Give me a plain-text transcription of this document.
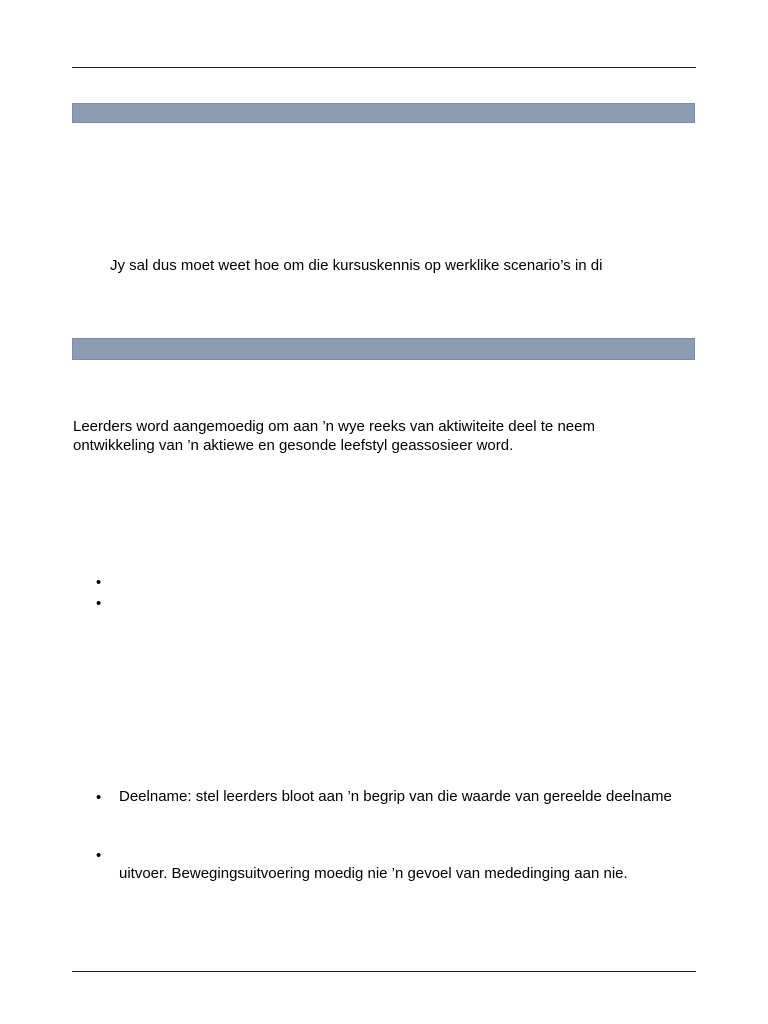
Jy sal dus moet weet hoe om die kursuskennis op werklike scenario’s in di
Leerders word aangemoedig om aan ’n wye reeks van aktiwiteite deel te neem
ontwikkeling van ’n aktiewe en gesonde leefstyl geassosieer word.
•
•
• Deelname: stel leerders bloot aan ’n begrip van die waarde van gereelde deelname
•
uitvoer. Bewegingsuitvoering moedig nie ’n gevoel van mededinging aan nie.
